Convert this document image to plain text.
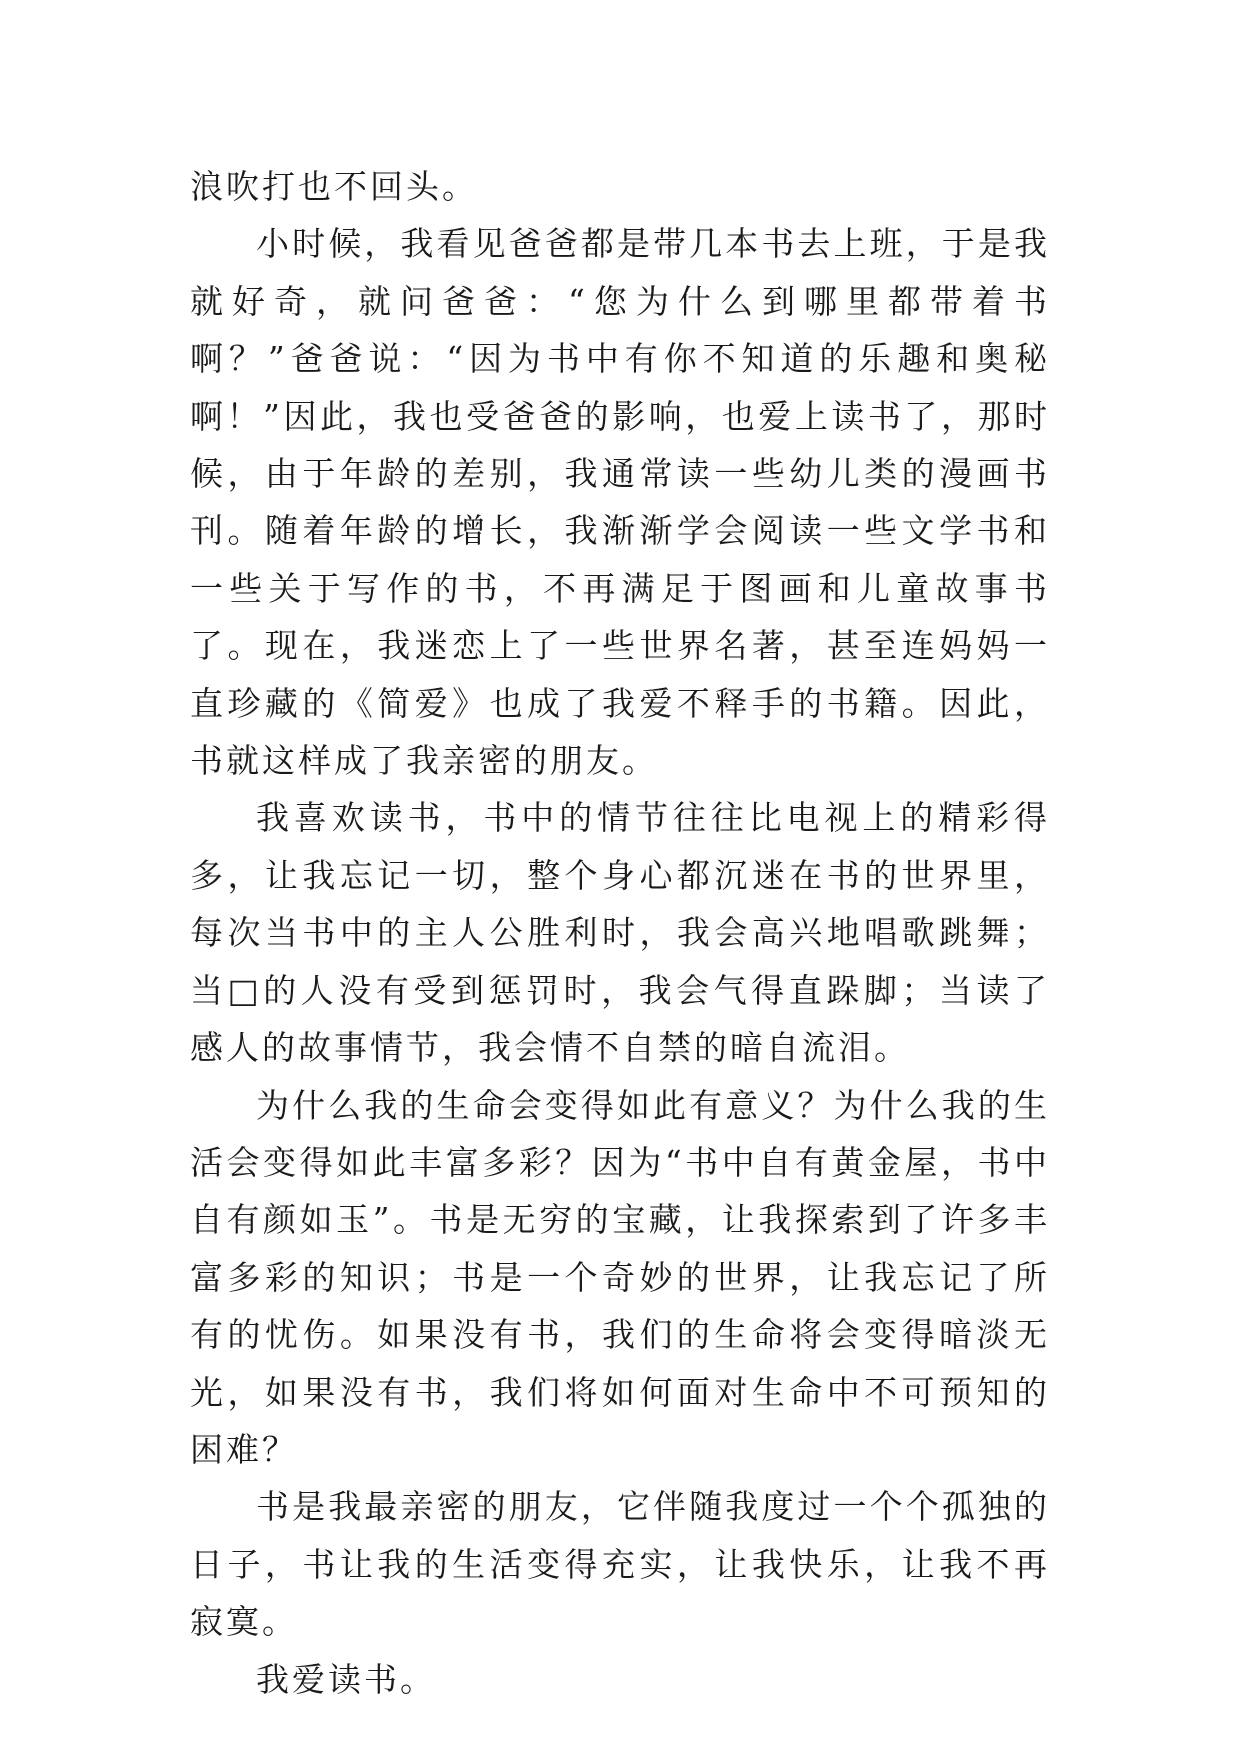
浪吹打也不回头。

小时候，我看见爸爸都是带几本书去上班，于是我就好奇，就问爸爸：“您为什么到哪里都带着书啊？”爸爸说：“因为书中有你不知道的乐趣和奥秘啊！”因此，我也受爸爸的影响，也爱上读书了，那时候，由于年龄的差别，我通常读一些幼儿类的漫画书刊。随着年龄的增长，我渐渐学会阅读一些文学书和一些关于写作的书，不再满足于图画和儿童故事书了。现在，我迷恋上了一些世界名著，甚至连妈妈一直珍藏的《简爱》也成了我爱不释手的书籍。因此，书就这样成了我亲密的朋友。

我喜欢读书，书中的情节往往比电视上的精彩得多，让我忘记一切，整个身心都沉迷在书的世界里，每次当书中的主人公胜利时，我会高兴地唱歌跳舞；当□的人没有受到惩罚时，我会气得直跺脚；当读了感人的故事情节，我会情不自禁的暗自流泪。

为什么我的生命会变得如此有意义？为什么我的生活会变得如此丰富多彩？因为“书中自有黄金屋，书中自有颜如玉”。书是无穷的宝藏，让我探索到了许多丰富多彩的知识；书是一个奇妙的世界，让我忘记了所有的忧伤。如果没有书，我们的生命将会变得暗淡无光，如果没有书，我们将如何面对生命中不可预知的困难？

书是我最亲密的朋友，它伴随我度过一个个孤独的日子，书让我的生活变得充实，让我快乐，让我不再寂寞。

我爱读书。
